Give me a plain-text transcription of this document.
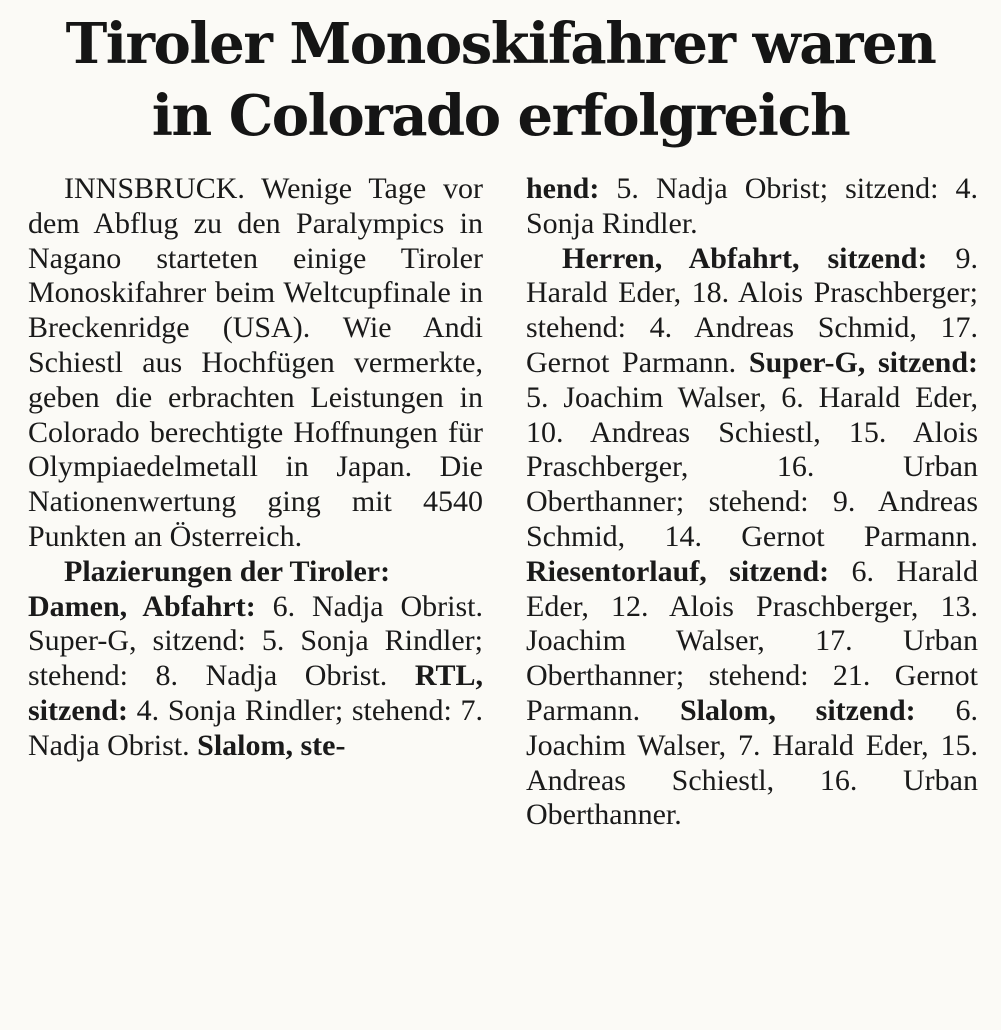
Tiroler Monoskifahrer waren
in Colorado erfolgreich

INNSBRUCK. Wenige Tage vor dem Abflug zu den Paralympics in Nagano starteten einige Tiroler Monoskifahrer beim Weltcupfinale in Breckenridge (USA). Wie Andi Schiestl aus Hochfügen vermerkte, geben die erbrachten Leistungen in Colorado berechtigte Hoffnungen für Olympiaedelmetall in Japan. Die Nationenwertung ging mit 4540 Punkten an Österreich.

Plazierungen der Tiroler:
Damen, Abfahrt: 6. Nadja Obrist. Super-G, sitzend: 5. Sonja Rindler; stehend: 8. Nadja Obrist. RTL, sitzend: 4. Sonja Rindler; stehend: 7. Nadja Obrist. Slalom, ste-

hend: 5. Nadja Obrist; sitzend: 4. Sonja Rindler.

Herren, Abfahrt, sitzend: 9. Harald Eder, 18. Alois Praschberger; stehend: 4. Andreas Schmid, 17. Gernot Parmann. Super-G, sitzend: 5. Joachim Walser, 6. Harald Eder, 10. Andreas Schiestl, 15. Alois Praschberger, 16. Urban Oberthanner; stehend: 9. Andreas Schmid, 14. Gernot Parmann. Riesentorlauf, sitzend: 6. Harald Eder, 12. Alois Praschberger, 13. Joachim Walser, 17. Urban Oberthanner; stehend: 21. Gernot Parmann. Slalom, sitzend: 6. Joachim Walser, 7. Harald Eder, 15. Andreas Schiestl, 16. Urban Oberthanner.
